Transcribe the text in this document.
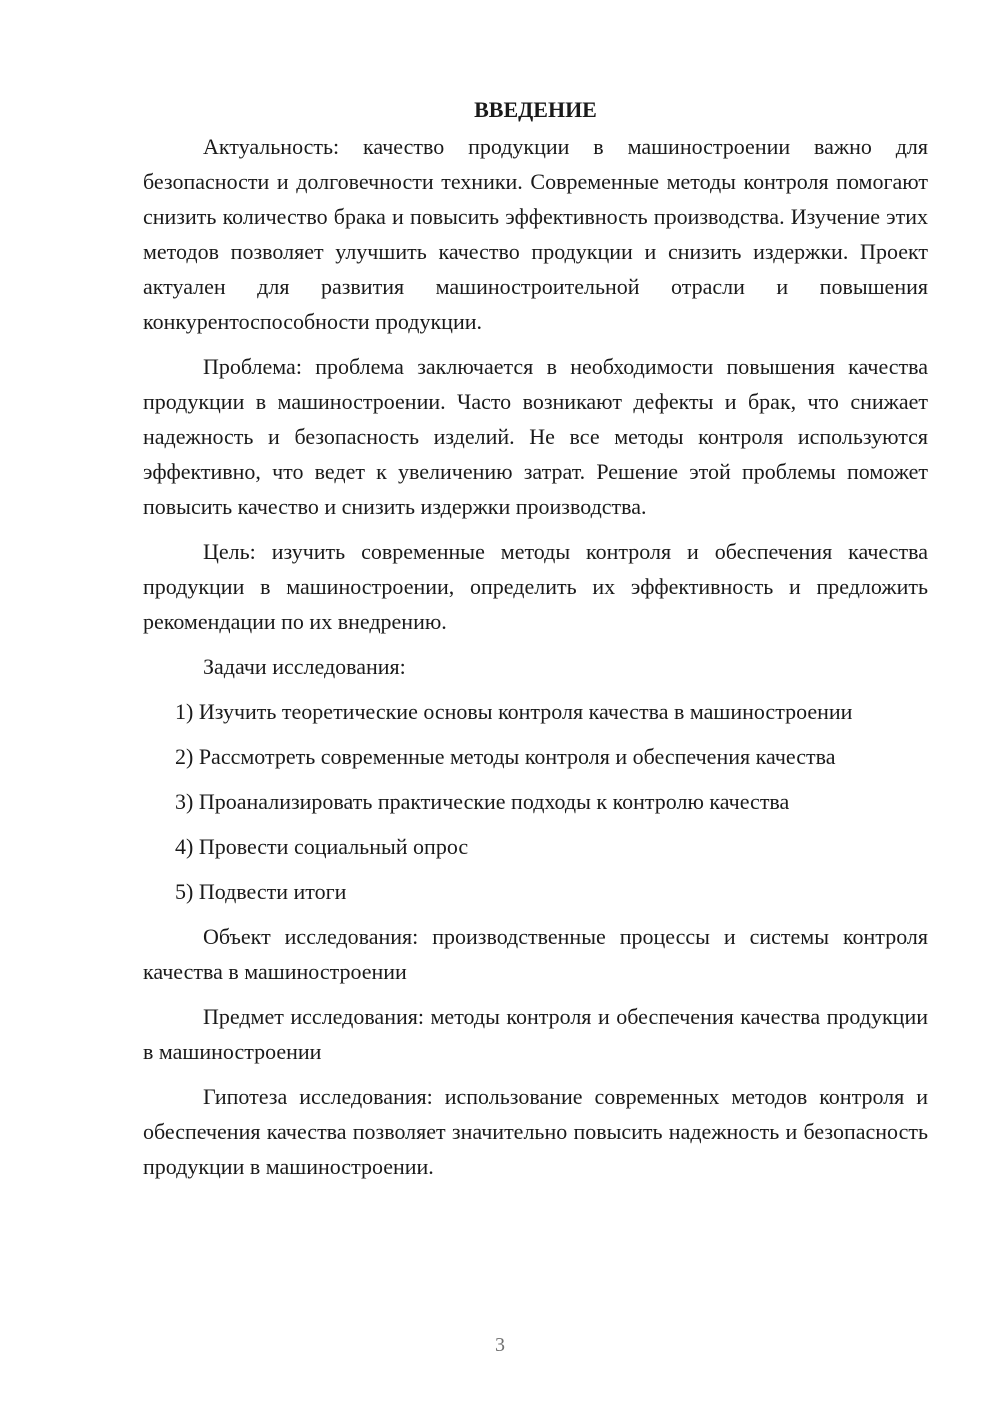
ВВЕДЕНИЕ

Актуальность: качество продукции в машиностроении важно для безопасности и долговечности техники. Современные методы контроля помогают снизить количество брака и повысить эффективность производства. Изучение этих методов позволяет улучшить качество продукции и снизить издержки. Проект актуален для развития машиностроительной отрасли и повышения конкурентоспособности продукции.

Проблема: проблема заключается в необходимости повышения качества продукции в машиностроении. Часто возникают дефекты и брак, что снижает надежность и безопасность изделий. Не все методы контроля используются эффективно, что ведет к увеличению затрат. Решение этой проблемы поможет повысить качество и снизить издержки производства.

Цель: изучить современные методы контроля и обеспечения качества продукции в машиностроении, определить их эффективность и предложить рекомендации по их внедрению.

Задачи исследования:

1) Изучить теоретические основы контроля качества в машиностроении

2) Рассмотреть современные методы контроля и обеспечения качества

3) Проанализировать практические подходы к контролю качества

4) Провести социальный опрос

5) Подвести итоги

Объект исследования: производственные процессы и системы контроля качества в машиностроении

Предмет исследования: методы контроля и обеспечения качества продукции в машиностроении

Гипотеза исследования: использование современных методов контроля и обеспечения качества позволяет значительно повысить надежность и безопасность продукции в машиностроении.

3
